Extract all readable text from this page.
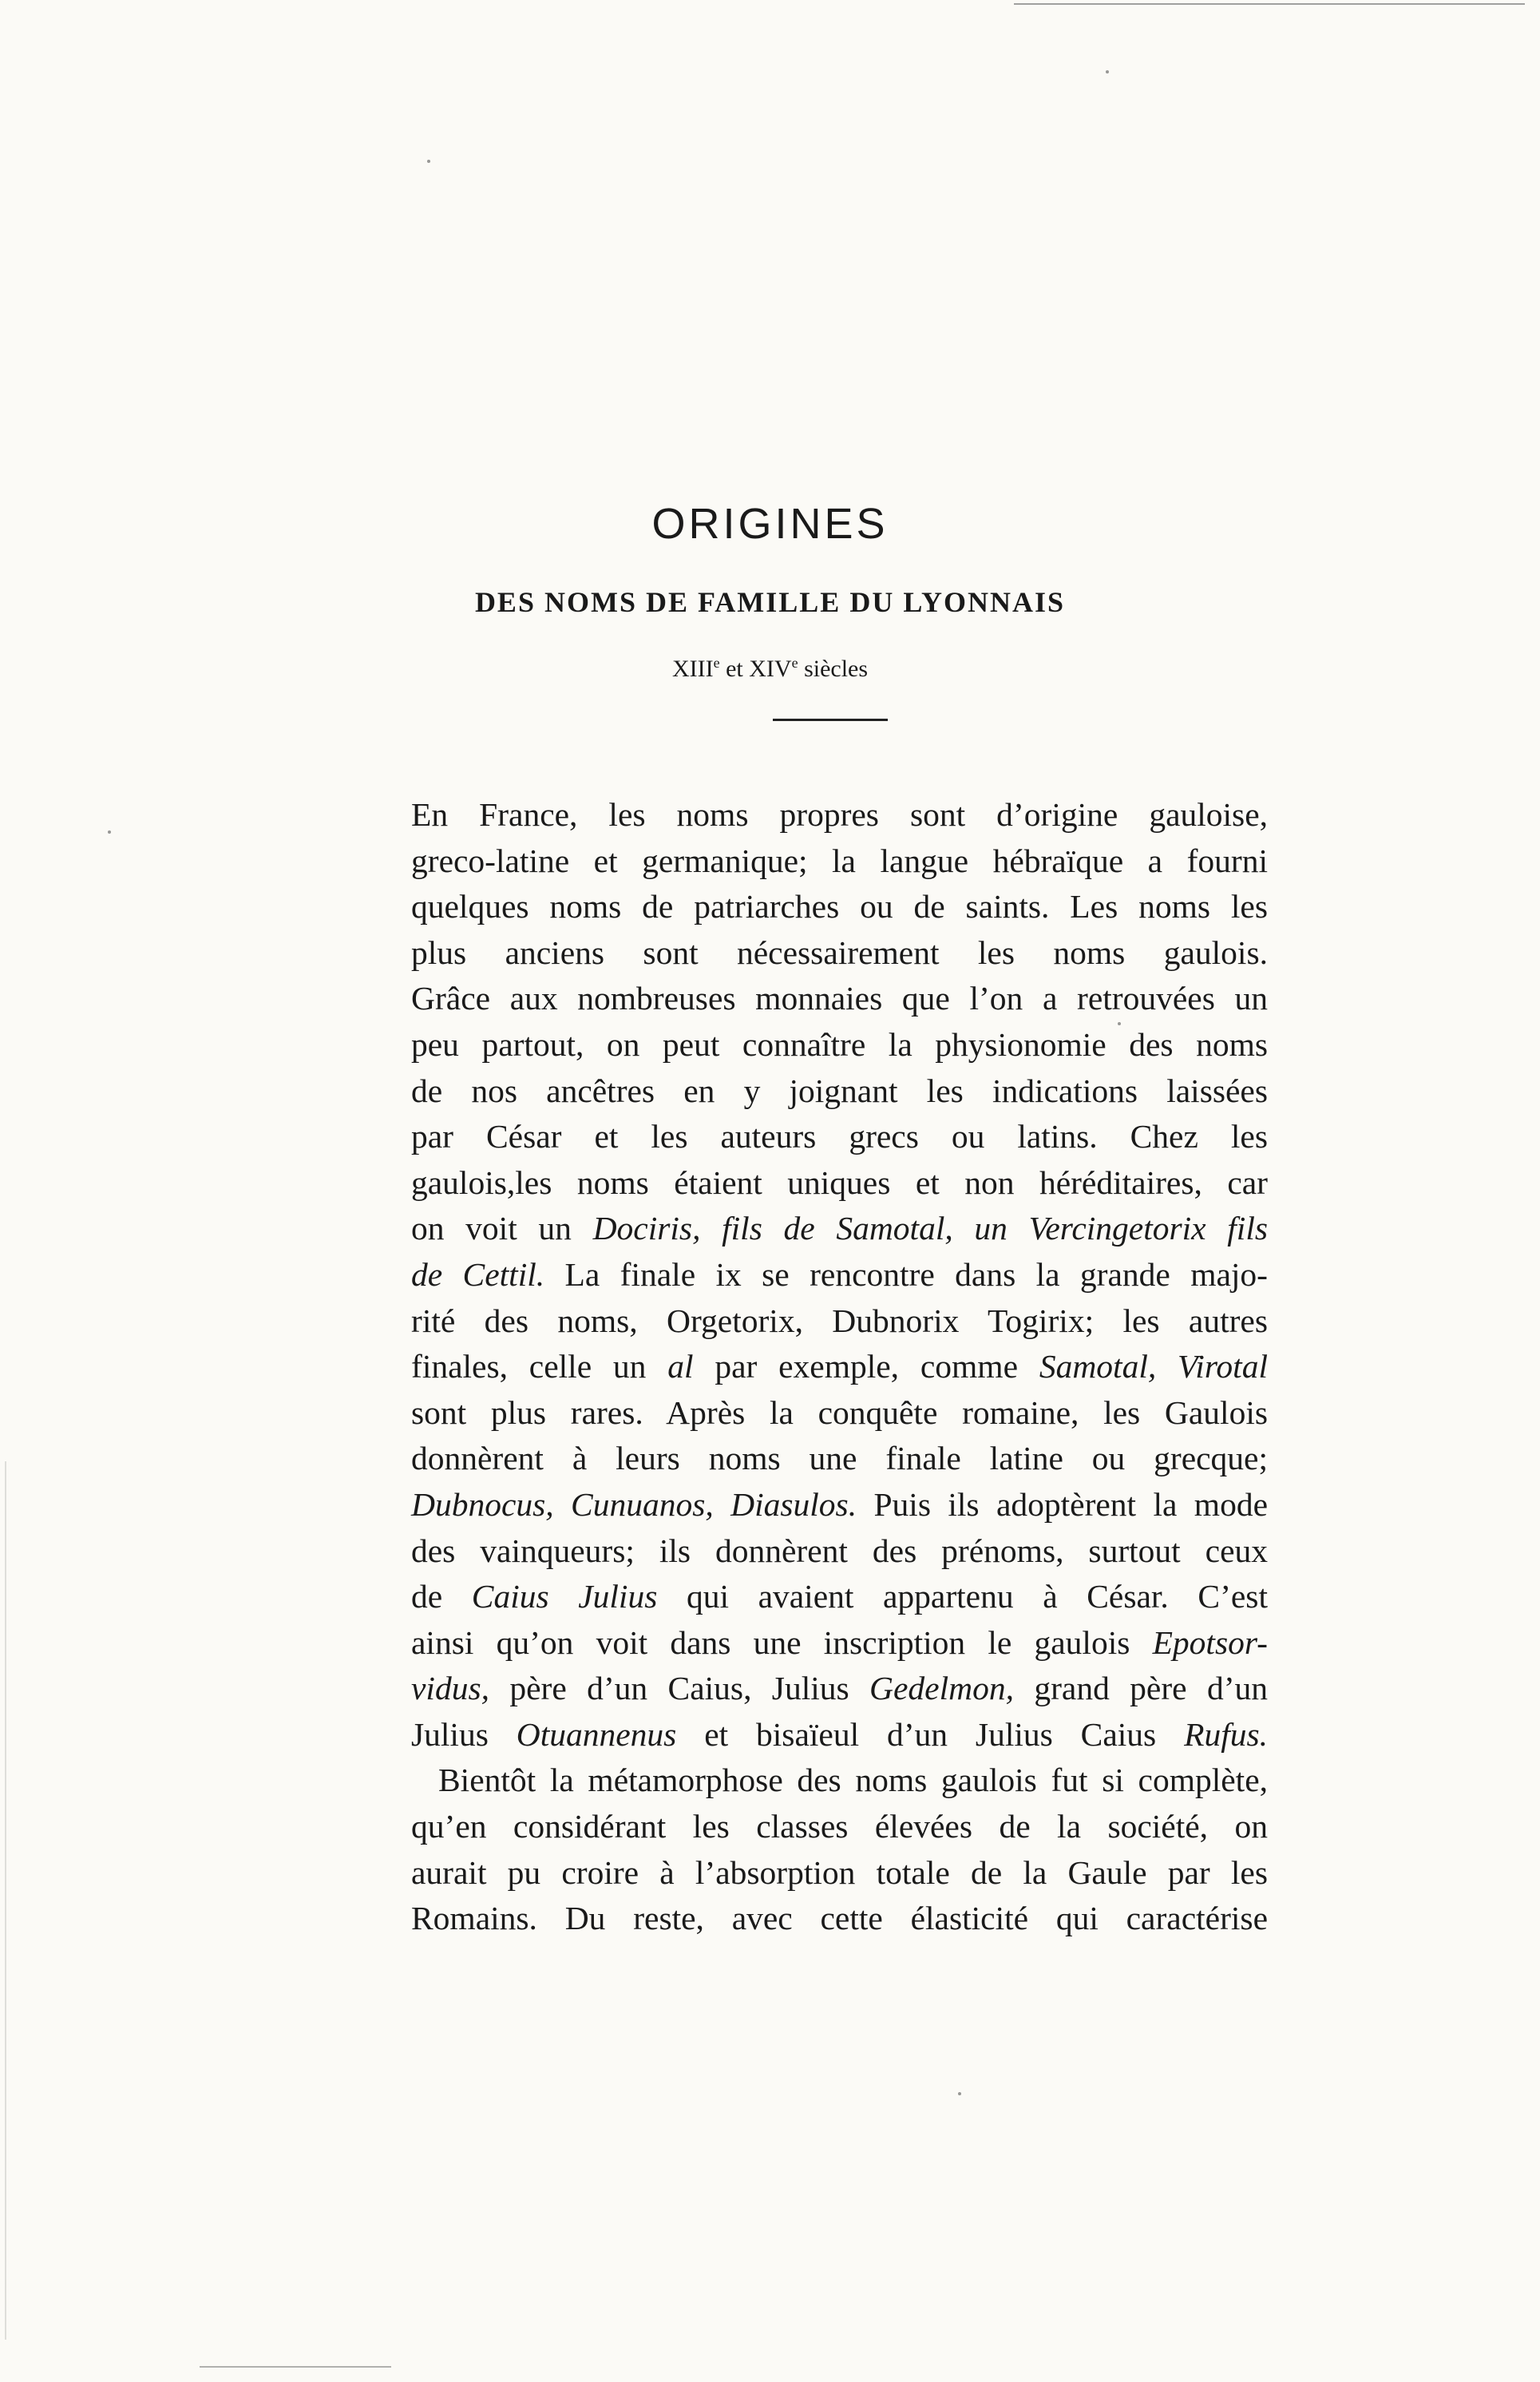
ORIGINES
DES NOMS DE FAMILLE DU LYONNAIS

XIIIe et XIVe siècles

En France, les noms propres sont d’origine gauloise,
greco-latine et germanique; la langue hébraïque a fourni
quelques noms de patriarches ou de saints. Les noms les
plus anciens sont nécessairement les noms gaulois.
Grâce aux nombreuses monnaies que l’on a retrouvées un
peu partout, on peut connaître la physionomie des noms
de nos ancêtres en y joignant les indications laissées
par César et les auteurs grecs ou latins. Chez les
gaulois,les noms étaient uniques et non héréditaires, car
on voit un Dociris, fils de Samotal, un Vercingetorix fils
de Cettil. La finale ix se rencontre dans la grande majo-
rité des noms, Orgetorix, Dubnorix Togirix; les autres
finales, celle un al par exemple, comme Samotal, Virotal
sont plus rares. Après la conquête romaine, les Gaulois
donnèrent à leurs noms une finale latine ou grecque;
Dubnocus, Cunuanos, Diasulos. Puis ils adoptèrent la mode
des vainqueurs; ils donnèrent des prénoms, surtout ceux
de Caius Julius qui avaient appartenu à César. C’est
ainsi qu’on voit dans une inscription le gaulois Epotsor-
vidus, père d’un Caius, Julius Gedelmon, grand père d’un
Julius Otuannenus et bisaïeul d’un Julius Caius Rufus.
Bientôt la métamorphose des noms gaulois fut si complète,
qu’en considérant les classes élevées de la société, on
aurait pu croire à l’absorption totale de la Gaule par les
Romains. Du reste, avec cette élasticité qui caractérise
